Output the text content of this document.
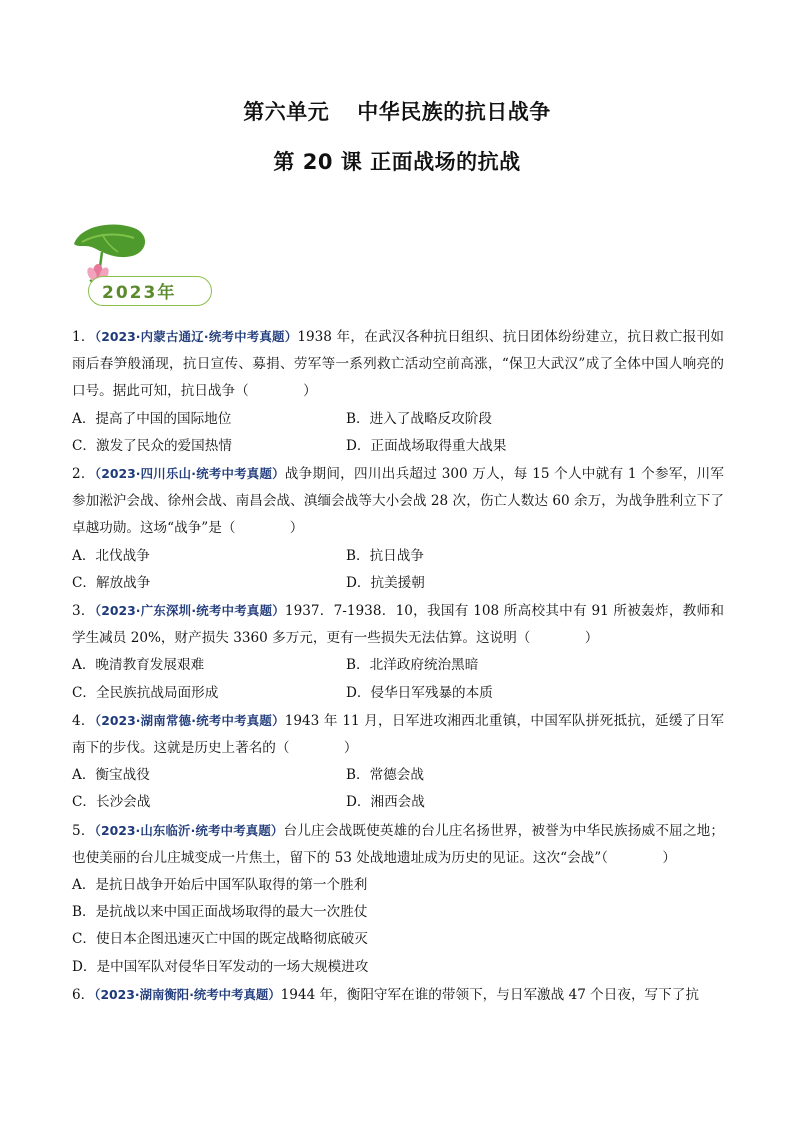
第六单元 中华民族的抗日战争
第 20 课 正面战场的抗战
2023年

1．（2023·内蒙古通辽·统考中考真题）1938 年，在武汉各种抗日组织、抗日团体纷纷建立，抗日救亡报刊如雨后春笋般涌现，抗日宣传、募捐、劳军等一系列救亡活动空前高涨，“保卫大武汉”成了全体中国人响亮的口号。据此可知，抗日战争（　　　　）

A．提高了中国的国际地位	B．进入了战略反攻阶段
C．激发了民众的爱国热情	D．正面战场取得重大战果

2．（2023·四川乐山·统考中考真题）战争期间，四川出兵超过 300 万人，每 15 个人中就有 1 个参军，川军参加淞沪会战、徐州会战、南昌会战、滇缅会战等大小会战 28 次，伤亡人数达 60 余万，为战争胜利立下了卓越功勋。这场“战争”是（　　　　）

A．北伐战争	B．抗日战争
C．解放战争	D．抗美援朝

3．（2023·广东深圳·统考中考真题）1937．7-1938．10，我国有 108 所高校其中有 91 所被轰炸，教师和学生减员 20%，财产损失 3360 多万元，更有一些损失无法估算。这说明（　　　　）

A．晚清教育发展艰难	B．北洋政府统治黑暗
C．全民族抗战局面形成	D．侵华日军残暴的本质

4．（2023·湖南常德·统考中考真题）1943 年 11 月，日军进攻湘西北重镇，中国军队拼死抵抗，延缓了日军南下的步伐。这就是历史上著名的（　　　　）

A．衡宝战役	B．常德会战
C．长沙会战	D．湘西会战

5．（2023·山东临沂·统考中考真题）台儿庄会战既使英雄的台儿庄名扬世界，被誉为中华民族扬威不屈之地；也使美丽的台儿庄城变成一片焦土，留下的 53 处战地遗址成为历史的见证。这次“会战”（　　　　）

A．是抗日战争开始后中国军队取得的第一个胜利
B．是抗战以来中国正面战场取得的最大一次胜仗
C．使日本企图迅速灭亡中国的既定战略彻底破灭
D．是中国军队对侵华日军发动的一场大规模进攻

6．（2023·湖南衡阳·统考中考真题）1944 年，衡阳守军在谁的带领下，与日军激战 47 个日夜，写下了抗
